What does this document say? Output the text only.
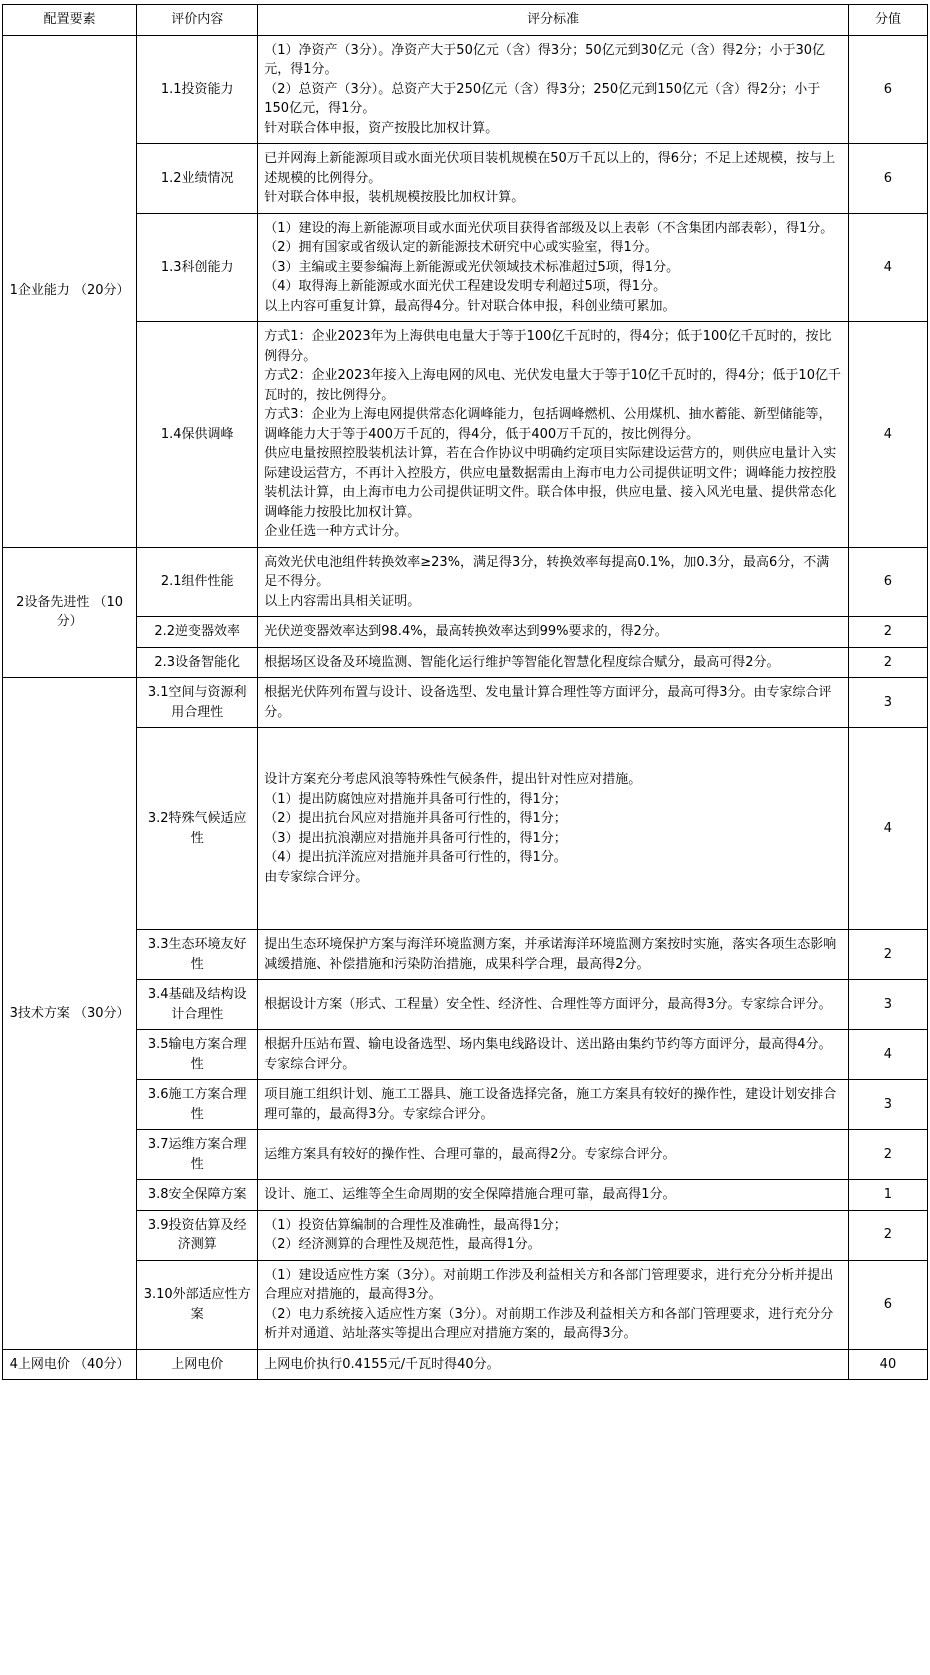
配置要素	评价内容	评分标准	分值
1企业能力 （20分）	1.1投资能力	（1）净资产（3分）。净资产大于50亿元（含）得3分；50亿元到30亿元（含）得2分；小于30亿元，得1分。
（2）总资产（3分）。总资产大于250亿元（含）得3分；250亿元到150亿元（含）得2分；小于150亿元，得1分。
针对联合体申报，资产按股比加权计算。	6
	1.2业绩情况	已并网海上新能源项目或水面光伏项目装机规模在50万千瓦以上的，得6分；不足上述规模，按与上述规模的比例得分。
针对联合体申报，装机规模按股比加权计算。	6
	1.3科创能力	（1）建设的海上新能源项目或水面光伏项目获得省部级及以上表彰（不含集团内部表彰），得1分。
（2）拥有国家或省级认定的新能源技术研究中心或实验室，得1分。
（3）主编或主要参编海上新能源或光伏领域技术标准超过5项，得1分。
（4）取得海上新能源或水面光伏工程建设发明专利超过5项，得1分。
以上内容可重复计算，最高得4分。针对联合体申报，科创业绩可累加。	4
	1.4保供调峰	方式1：企业2023年为上海供电电量大于等于100亿千瓦时的，得4分；低于100亿千瓦时的，按比例得分。
方式2：企业2023年接入上海电网的风电、光伏发电量大于等于10亿千瓦时的，得4分；低于10亿千瓦时的，按比例得分。
方式3：企业为上海电网提供常态化调峰能力，包括调峰燃机、公用煤机、抽水蓄能、新型储能等，调峰能力大于等于400万千瓦的，得4分，低于400万千瓦的，按比例得分。
供应电量按照控股装机法计算，若在合作协议中明确约定项目实际建设运营方的，则供应电量计入实际建设运营方，不再计入控股方，供应电量数据需由上海市电力公司提供证明文件；调峰能力按控股装机法计算，由上海市电力公司提供证明文件。联合体申报，供应电量、接入风光电量、提供常态化调峰能力按股比加权计算。
企业任选一种方式计分。	4
2设备先进性 （10分）	2.1组件性能	高效光伏电池组件转换效率≥23%，满足得3分，转换效率每提高0.1%，加0.3分，最高6分，不满足不得分。
以上内容需出具相关证明。	6
	2.2逆变器效率	光伏逆变器效率达到98.4%，最高转换效率达到99%要求的，得2分。	2
	2.3设备智能化	根据场区设备及环境监测、智能化运行维护等智能化智慧化程度综合赋分，最高可得2分。	2
3技术方案 （30分）	3.1空间与资源利用合理性	根据光伏阵列布置与设计、设备选型、发电量计算合理性等方面评分，最高可得3分。由专家综合评分。	3
3.2特殊气候适应性	设计方案充分考虑风浪等特殊性气候条件，提出针对性应对措施。
（1）提出防腐蚀应对措施并具备可行性的，得1分；
（2）提出抗台风应对措施并具备可行性的，得1分；
（3）提出抗浪潮应对措施并具备可行性的，得1分；
（4）提出抗洋流应对措施并具备可行性的，得1分。
由专家综合评分。	4
	3.3生态环境友好性	提出生态环境保护方案与海洋环境监测方案，并承诺海洋环境监测方案按时实施，落实各项生态影响减缓措施、补偿措施和污染防治措施，成果科学合理，最高得2分。	2
	3.4基础及结构设计合理性	根据设计方案（形式、工程量）安全性、经济性、合理性等方面评分，最高得3分。专家综合评分。	3
	3.5输电方案合理性	根据升压站布置、输电设备选型、场内集电线路设计、送出路由集约节约等方面评分，最高得4分。专家综合评分。	4
	3.6施工方案合理性	项目施工组织计划、施工工器具、施工设备选择完备，施工方案具有较好的操作性，建设计划安排合理可靠的，最高得3分。专家综合评分。	3
	3.7运维方案合理性	运维方案具有较好的操作性、合理可靠的，最高得2分。专家综合评分。	2
	3.8安全保障方案	设计、施工、运维等全生命周期的安全保障措施合理可靠，最高得1分。	1
	3.9投资估算及经济测算	（1）投资估算编制的合理性及准确性，最高得1分；
（2）经济测算的合理性及规范性，最高得1分。	2
	3.10外部适应性方案	（1）建设适应性方案（3分）。对前期工作涉及利益相关方和各部门管理要求，进行充分分析并提出合理应对措施的，最高得3分。
（2）电力系统接入适应性方案（3分）。对前期工作涉及利益相关方和各部门管理要求，进行充分分析并对通道、站址落实等提出合理应对措施方案的，最高得3分。	6
4上网电价 （40分）	上网电价	上网电价执行0.4155元/千瓦时得40分。	40
